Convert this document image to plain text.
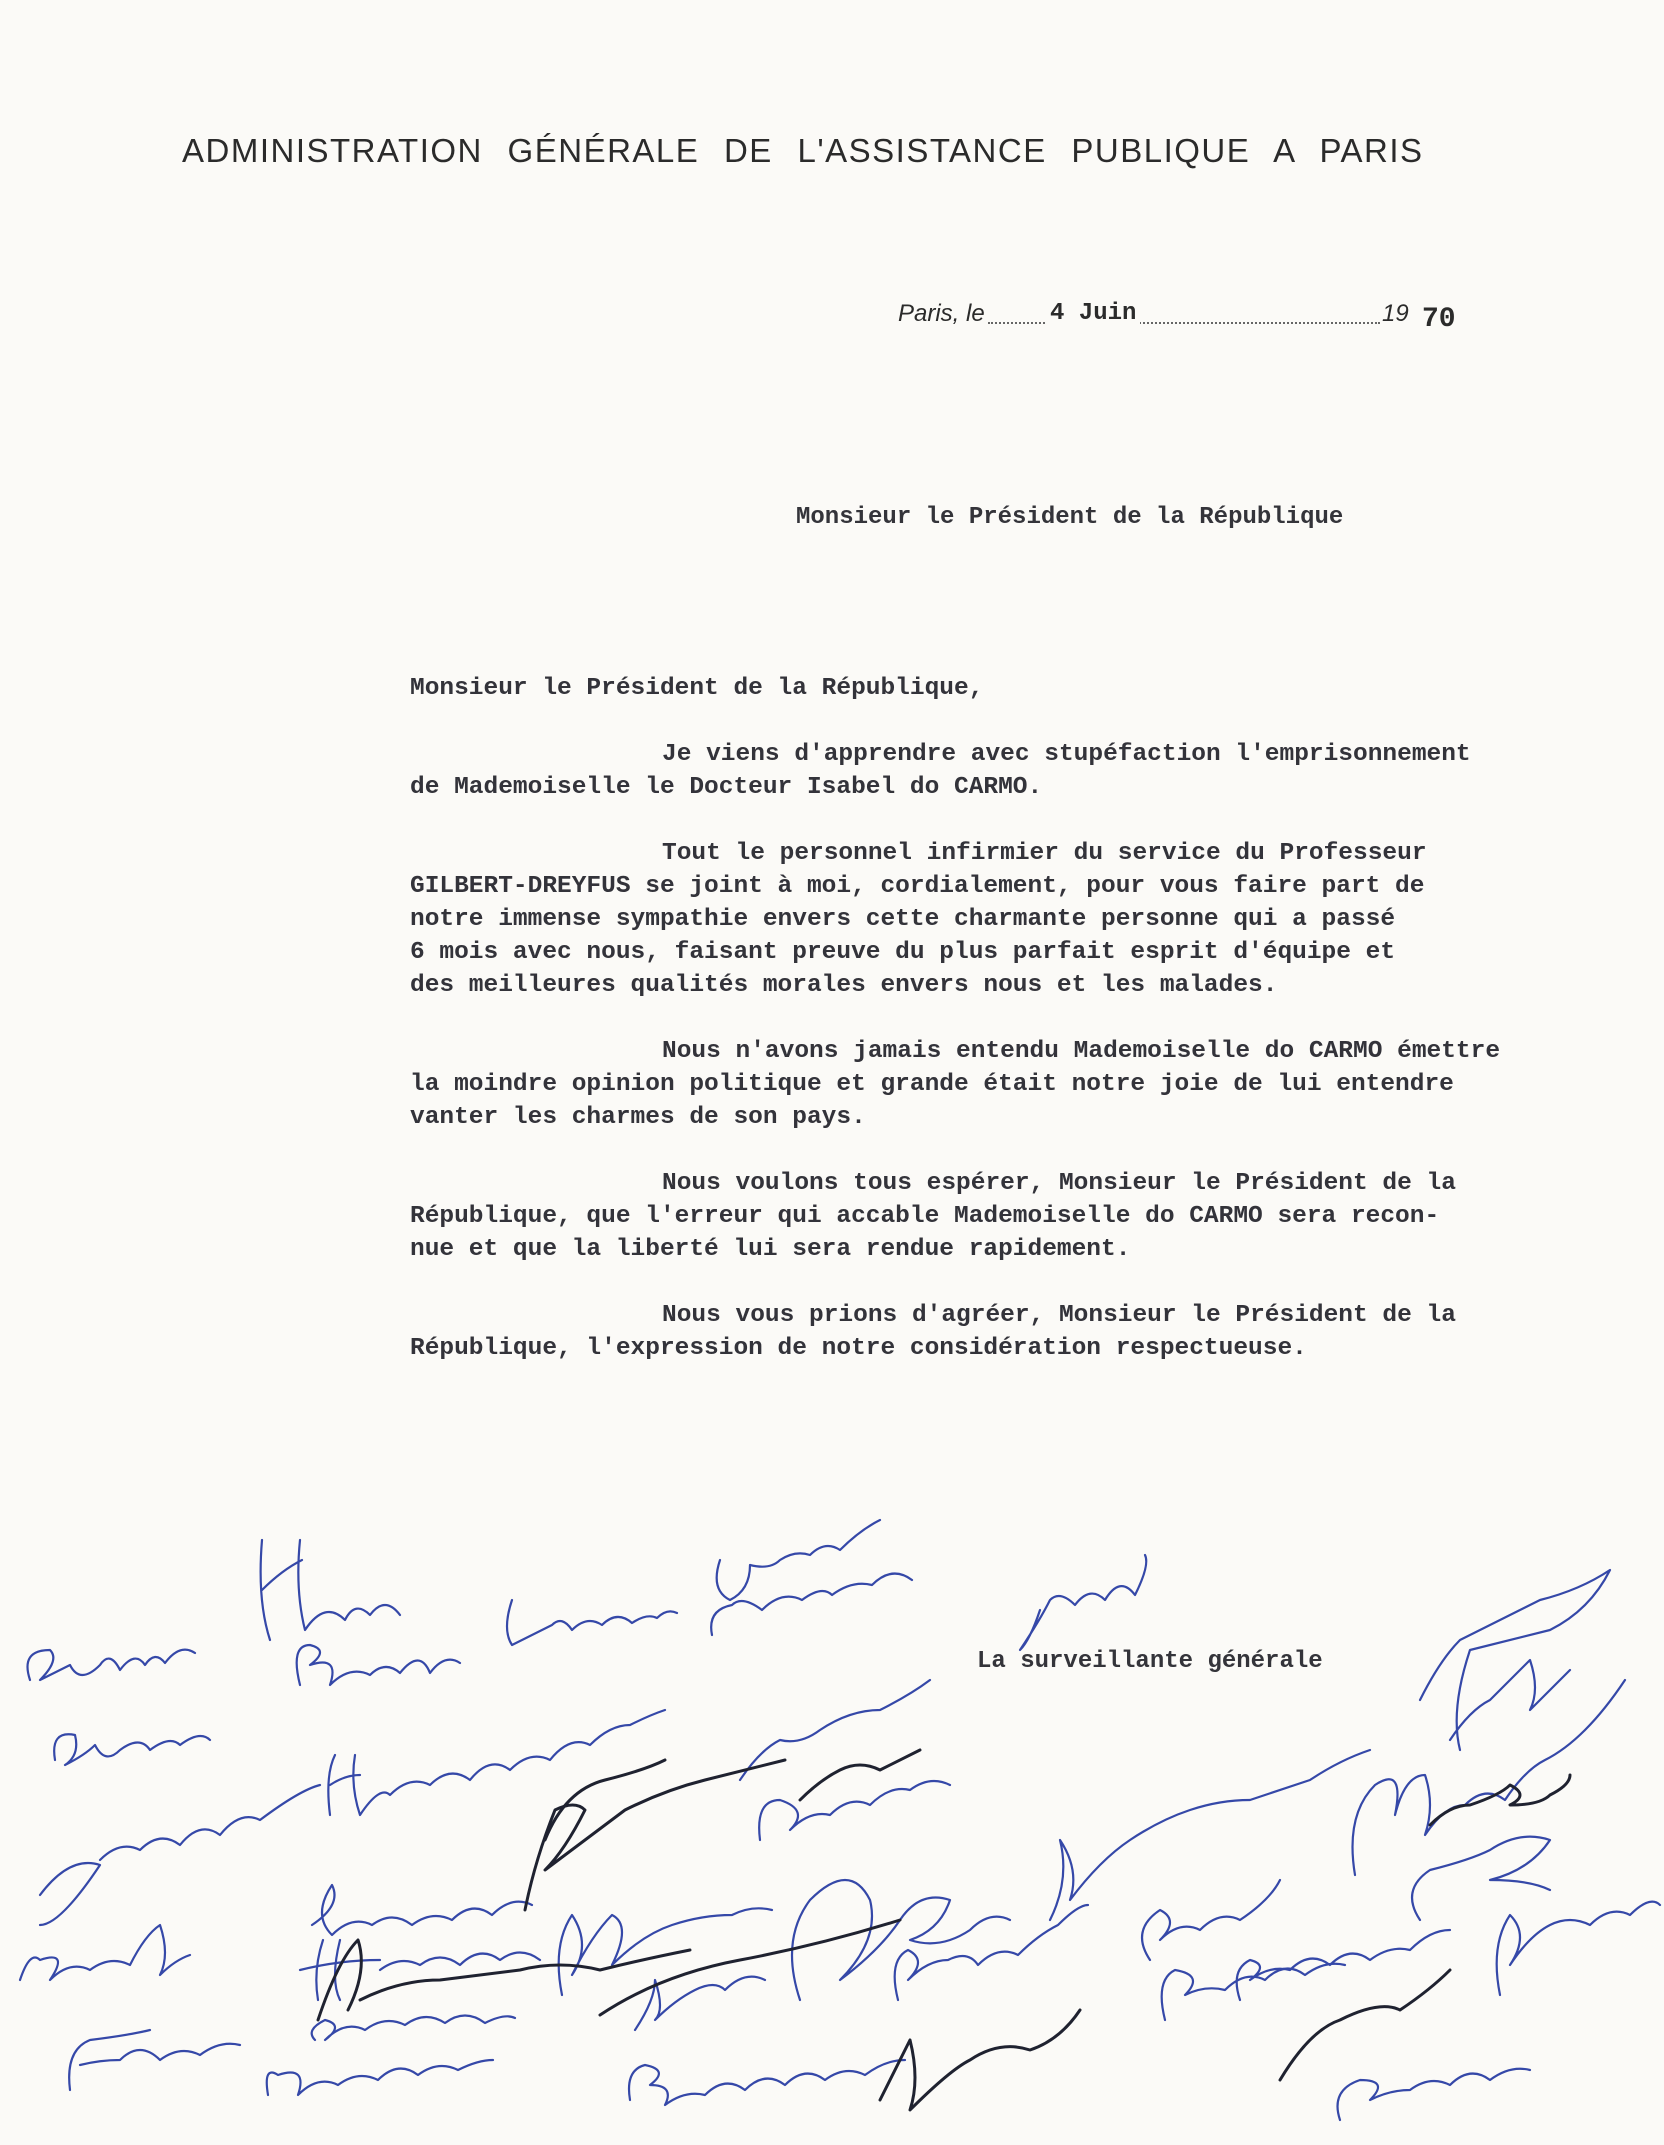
ADMINISTRATION GÉNÉRALE DE L'ASSISTANCE PUBLIQUE A PARIS
Paris, le	4 Juin	19 70
Monsieur le Président de la République

Monsieur le Président de la République,

Je viens d'apprendre avec stupéfaction l'emprisonnement
de Mademoiselle le Docteur Isabel do CARMO.

Tout le personnel infirmier du service du Professeur
GILBERT-DREYFUS se joint à moi, cordialement, pour vous faire part de
notre immense sympathie envers cette charmante personne qui a passé
6 mois avec nous, faisant preuve du plus parfait esprit d'équipe et
des meilleures qualités morales envers nous et les malades.

Nous n'avons jamais entendu Mademoiselle do CARMO émettre
la moindre opinion politique et grande était notre joie de lui entendre
vanter les charmes de son pays.

Nous voulons tous espérer, Monsieur le Président de la
République, que l'erreur qui accable Mademoiselle do CARMO sera recon-
nue et que la liberté lui sera rendue rapidement.

Nous vous prions d'agréer, Monsieur le Président de la
République, l'expression de notre considération respectueuse.

La surveillante générale
